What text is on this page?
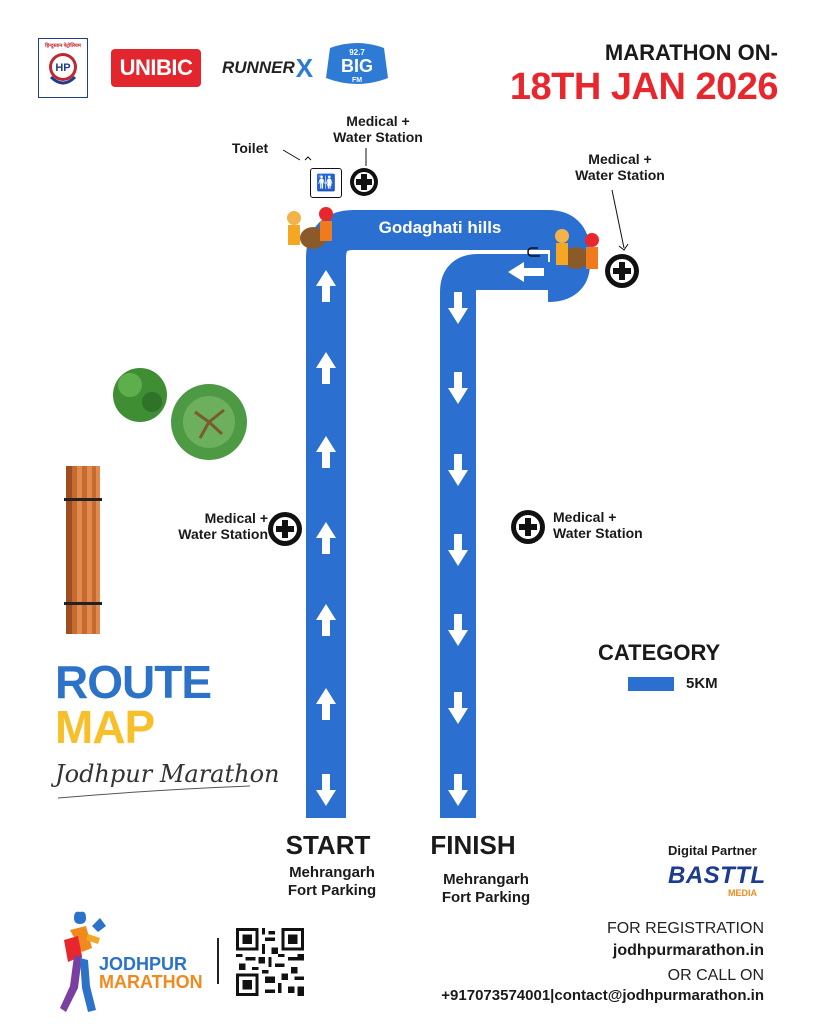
हिन्दुस्तान पेट्रोलियम
HP	UNIBIC	RUNNER X	92.7
BIG
FM
MARATHON ON-
18TH JAN 2026
Godaghati hills
Toilet
🚻
Medical +
Water Station
Medical +
Water Station
Medical +
Water Station
Medical +
Water Station
START
Mehrangarh
Fort Parking
FINISH
Mehrangarh
Fort Parking
CATEGORY
5KM
ROUTE
MAP
Jodhpur Marathon
Digital Partner
BASTTL
MEDIA
JODHPUR
MARATHON
FOR REGISTRATION
jodhpurmarathon.in
OR CALL ON
+917073574001|contact@jodhpurmarathon.in
